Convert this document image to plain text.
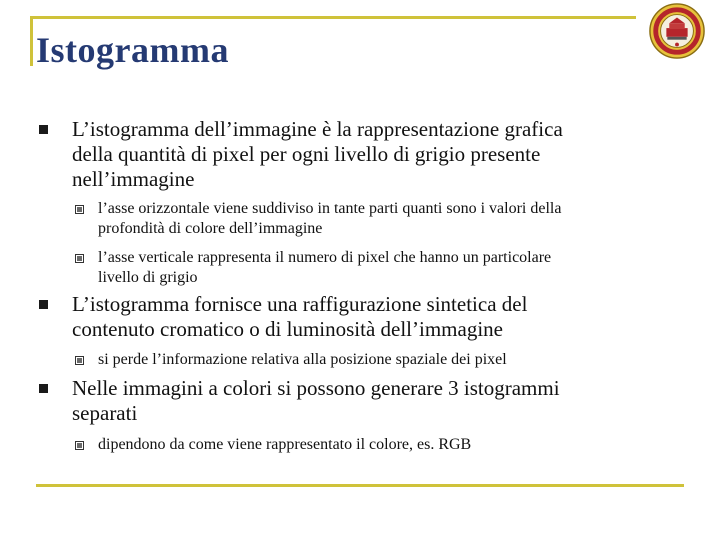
Istogramma
L’istogramma dell’immagine è la rappresentazione grafica
della quantità di pixel per ogni livello di grigio presente
nell’immagine
l’asse orizzontale viene suddiviso in tante parti quanti sono i valori della
profondità di colore dell’immagine
l’asse verticale rappresenta il numero di pixel che hanno un particolare
livello di grigio
L’istogramma fornisce una raffigurazione sintetica del
contenuto cromatico o di luminosità dell’immagine
si perde l’informazione relativa alla posizione spaziale dei pixel
Nelle immagini a colori si possono generare 3 istogrammi
separati
dipendono da come viene rappresentato il colore, es. RGB
